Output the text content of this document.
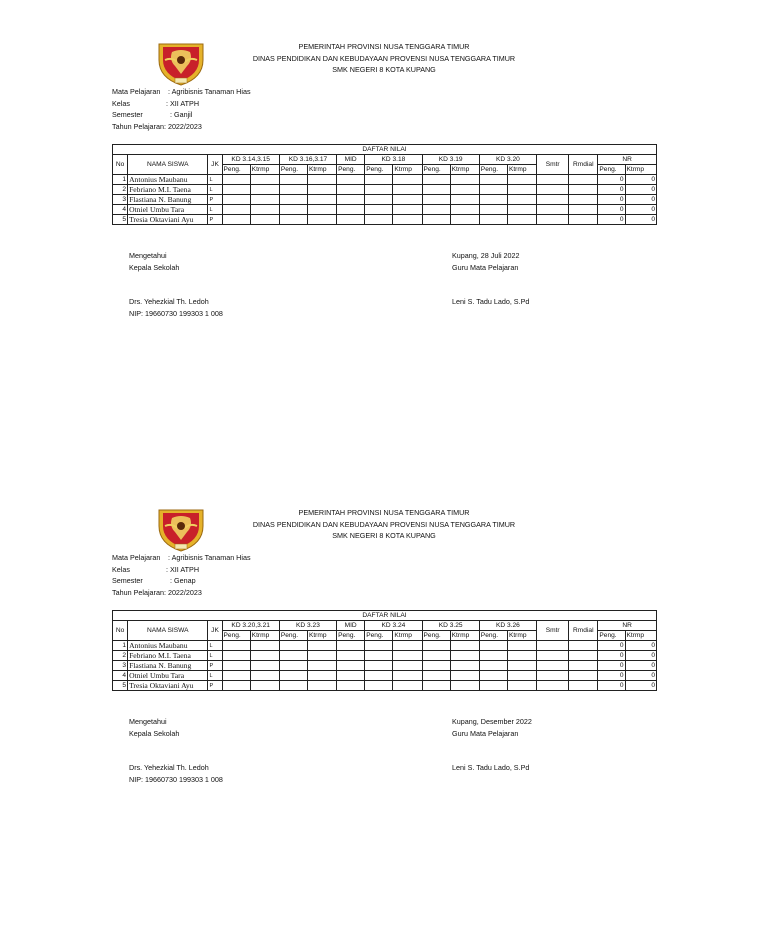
PEMERINTAH PROVINSI NUSA TENGGARA TIMUR
DINAS PENDIDIKAN DAN KEBUDAYAAN PROVENSI NUSA TENGGARA TIMUR
SMK NEGERI 8 KOTA KUPANG
Mata Pelajaran : Agribisnis Tanaman Hias
Kelas	: XII ATPH
Semester	: Ganjil
Tahun Pelajaran: 2022/2023
DAFTAR NILAI																	
No	NAMA SISWA	JK	KD 3.14,3.15		KD 3.16,3.17		MID	KD 3.18		KD 3.19		KD 3.20		Smtr	Rmdial	NR	
			Peng.	Ktrmp	Peng.	Ktrmp	Peng.	Peng.	Ktrmp	Peng.	Ktrmp	Peng.	Ktrmp			Peng.	Ktrmp
1	Antonius Maubanu	L														0	0
2	Febriano M.I. Taena	L														0	0
3	Flastiana N. Banung	P														0	0
4	Otniel Umbu Tara	L														0	0
5	Tresia Oktaviani Ayu	P														0	0
Mengetahui
Kepala Sekolah
Drs. Yehezkial Th. Ledoh
NIP: 19660730 199303 1 008
Kupang, 28 Juli 2022
Guru Mata Pelajaran
Leni S. Tadu Lado, S.Pd
PEMERINTAH PROVINSI NUSA TENGGARA TIMUR
DINAS PENDIDIKAN DAN KEBUDAYAAN PROVENSI NUSA TENGGARA TIMUR
SMK NEGERI 8 KOTA KUPANG
Mata Pelajaran : Agribisnis Tanaman Hias
Kelas	: XII ATPH
Semester	: Genap
Tahun Pelajaran: 2022/2023
DAFTAR NILAI																	
No	NAMA SISWA	JK	KD 3.20,3.21		KD 3.23		MID	KD 3.24		KD 3.25		KD 3.26		Smtr	Rmdial	NR	
			Peng.	Ktrmp	Peng.	Ktrmp	Peng.	Peng.	Ktrmp	Peng.	Ktrmp	Peng.	Ktrmp			Peng.	Ktrmp
1	Antonius Maubanu	L														0	0
2	Febriano M.I. Taena	L														0	0
3	Flastiana N. Banung	P														0	0
4	Otniel Umbu Tara	L														0	0
5	Tresia Oktaviani Ayu	P														0	0
Mengetahui
Kepala Sekolah
Drs. Yehezkial Th. Ledoh
NIP: 19660730 199303 1 008
Kupang, Desember 2022
Guru Mata Pelajaran
Leni S. Tadu Lado, S.Pd
